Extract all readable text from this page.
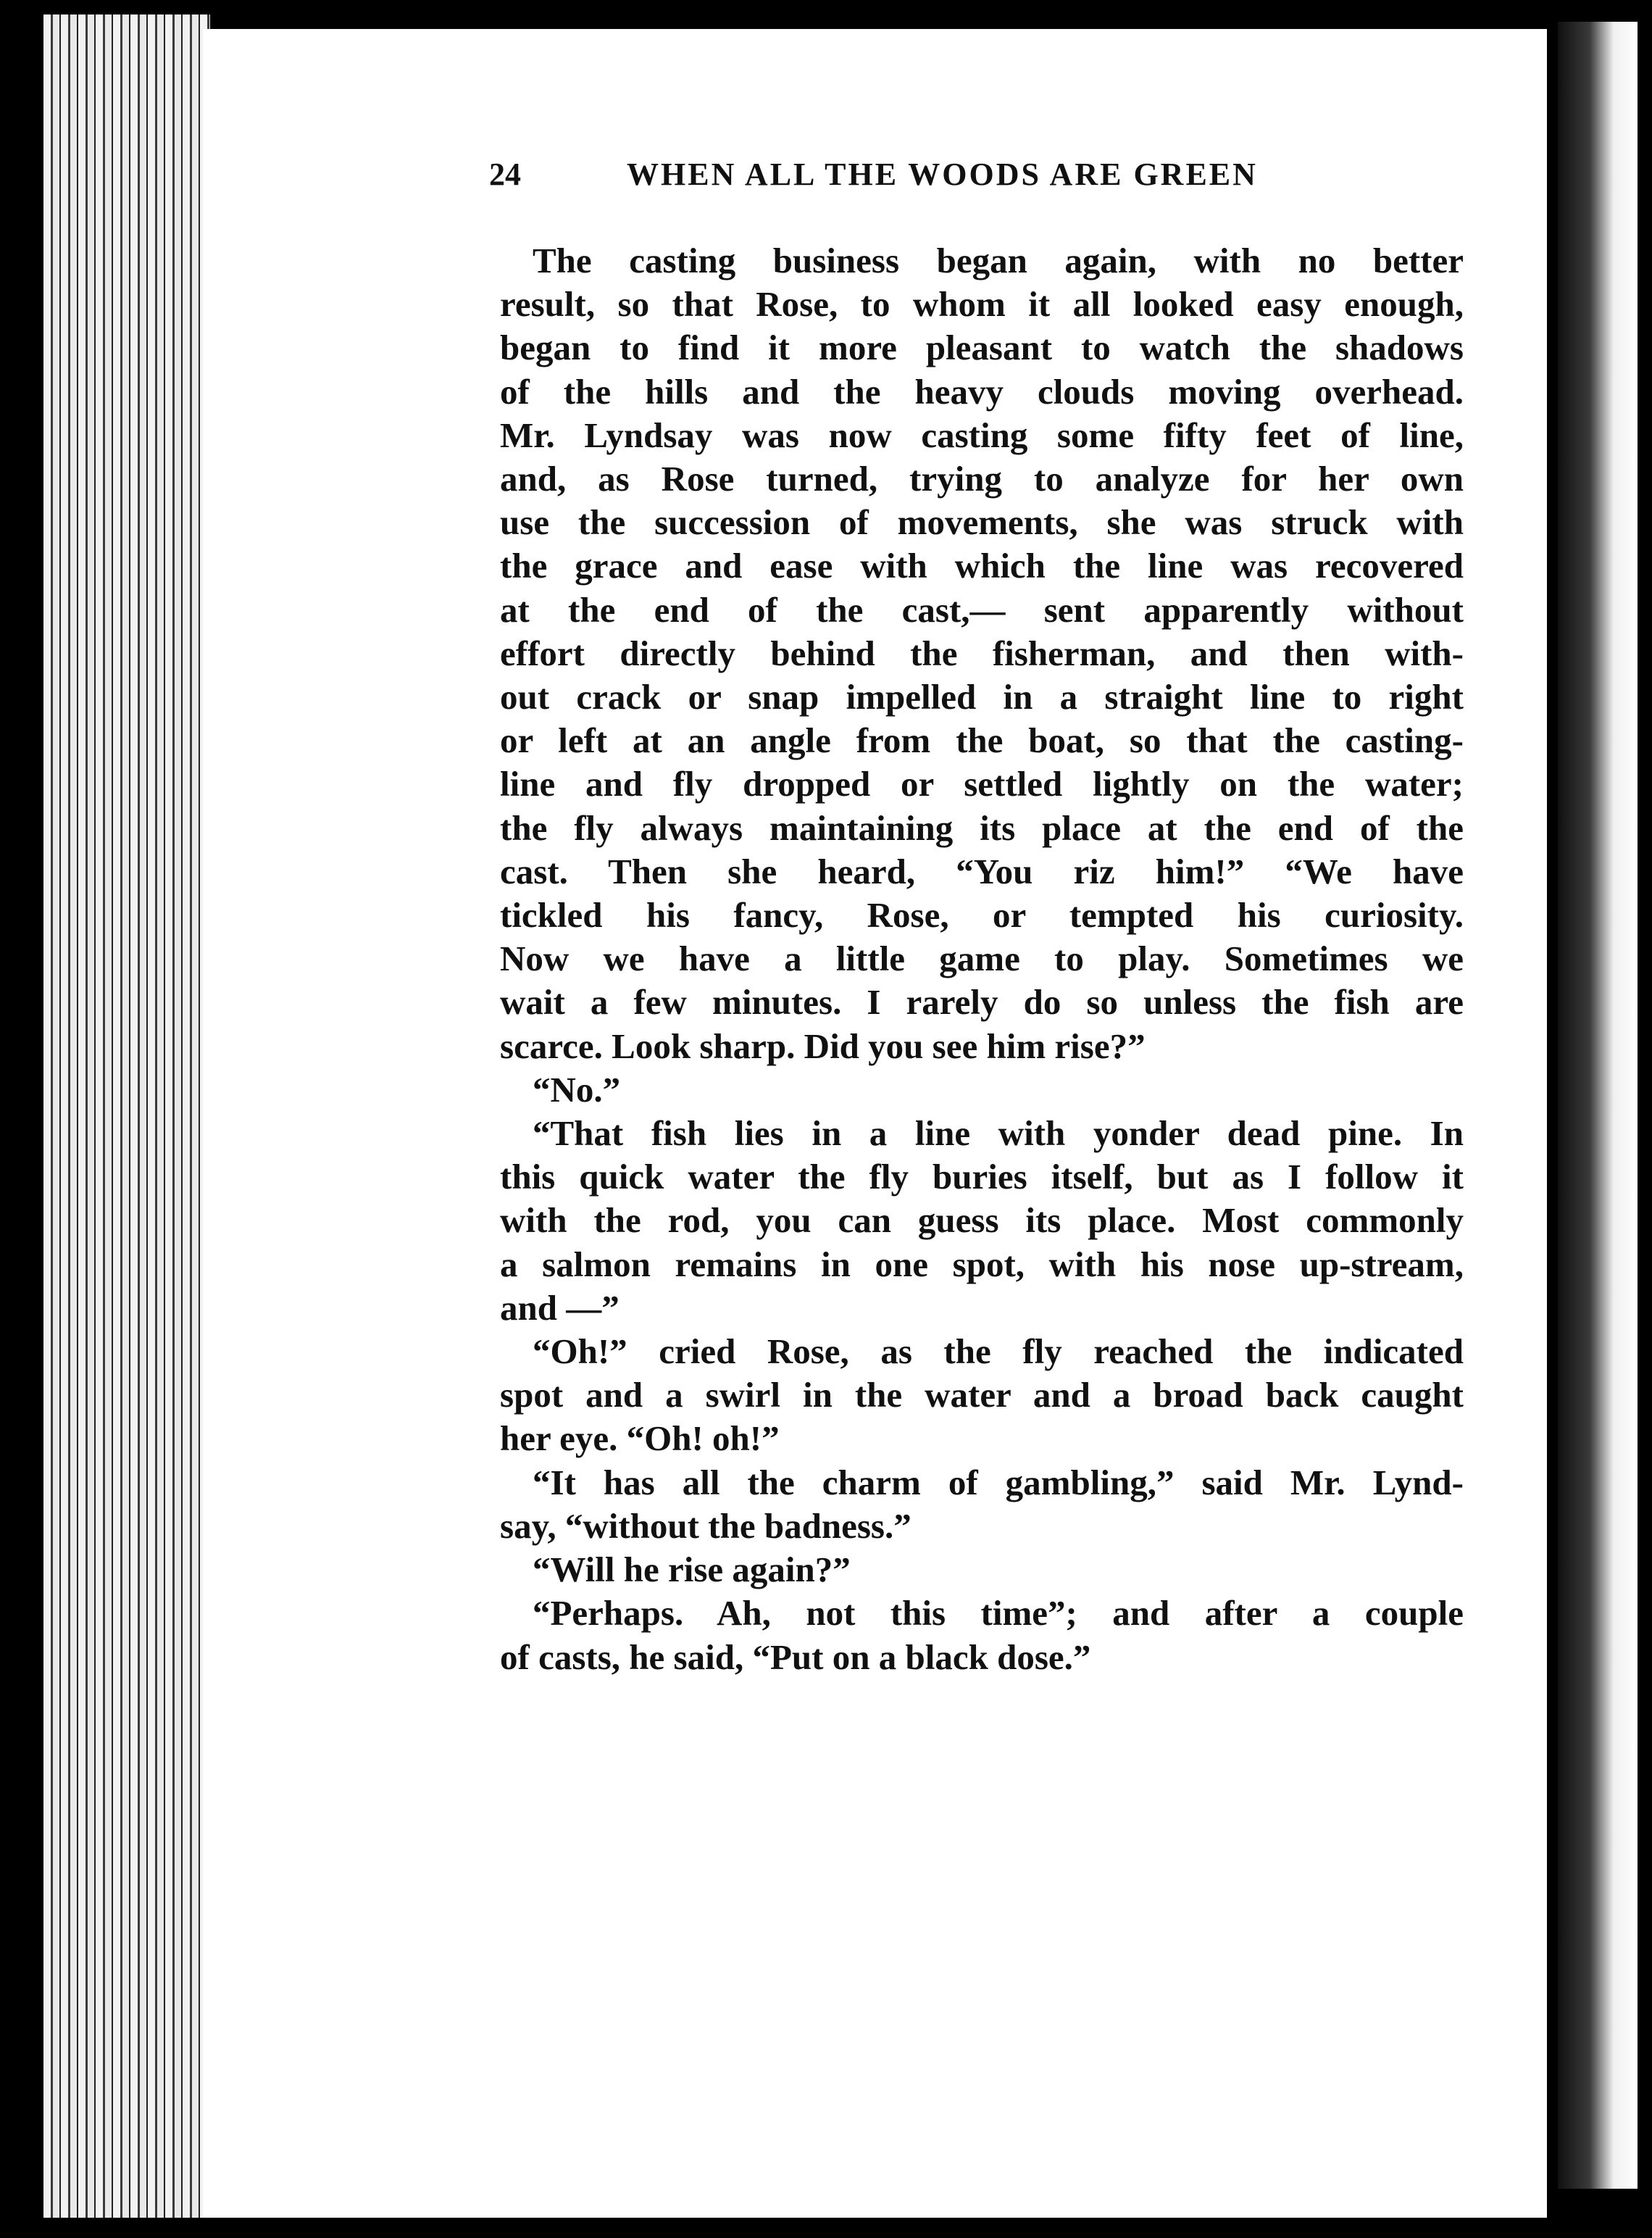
24	WHEN ALL THE WOODS ARE GREEN
The casting business began again, with no better
result, so that Rose, to whom it all looked easy enough,
began to find it more pleasant to watch the shadows
of the hills and the heavy clouds moving overhead.
Mr. Lyndsay was now casting some fifty feet of line,
and, as Rose turned, trying to analyze for her own
use the succession of movements, she was struck with
the grace and ease with which the line was recovered
at the end of the cast,— sent apparently without
effort directly behind the fisherman, and then with-
out crack or snap impelled in a straight line to right
or left at an angle from the boat, so that the casting-
line and fly dropped or settled lightly on the water;
the fly always maintaining its place at the end of the
cast. Then she heard, “You riz him!” “We have
tickled his fancy, Rose, or tempted his curiosity.
Now we have a little game to play. Sometimes we
wait a few minutes. I rarely do so unless the fish are
scarce. Look sharp. Did you see him rise?”
“No.”
“That fish lies in a line with yonder dead pine. In
this quick water the fly buries itself, but as I follow it
with the rod, you can guess its place. Most commonly
a salmon remains in one spot, with his nose up-stream,
and —”
“Oh!” cried Rose, as the fly reached the indicated
spot and a swirl in the water and a broad back caught
her eye. “Oh! oh!”
“It has all the charm of gambling,” said Mr. Lynd-
say, “without the badness.”
“Will he rise again?”
“Perhaps. Ah, not this time”; and after a couple
of casts, he said, “Put on a black dose.”
